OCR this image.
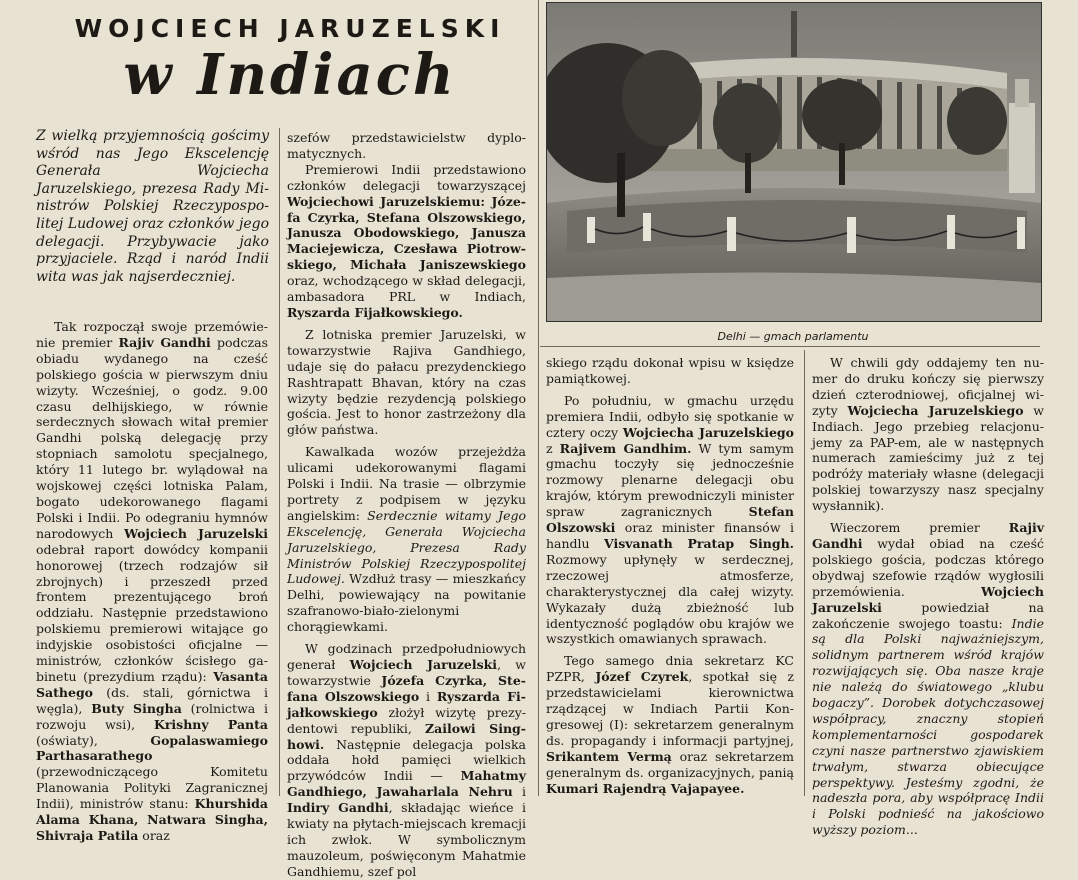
WOJCIECH JARUZELSKI
w Indiach
Z wielką przyjemnością gościmy wśród nas Jego Ekscelencję Generała Wojciecha Jaruzelskiego, prezesa Rady Ministrów Polskiej Rzeczypospolitej Ludowej oraz członków jego delegacji. Przybywacie jako przyjaciele. Rząd i naród Indii wita was jak najserdeczniej.
Delhi — gmach parlamentu

Tak rozpoczął swoje przemówienie premier Rajiv Gandhi podczas obiadu wydanego na cześć polskiego gościa w pierwszym dniu wizyty. Wcześniej, o godz. 9.00 czasu delhijskiego, w równie serdecznych słowach witał premier Gandhi polską delegację przy stopniach samolotu specjalnego, który 11 lutego br. wylądował na wojskowej części lotniska Palam, bogato udekorowanego flagami Polski i Indii. Po odegraniu hymnów narodowych Wojciech Jaruzelski odebrał raport dowódcy kompanii honorowej (trzech rodzajów sił zbrojnych) i przeszedł przed frontem prezentującego broń oddziału. Następnie przedstawiono polskiemu premierowi witające go indyjskie osobistości oficjalne — ministrów, członków ścisłego gabinetu (prezydium rządu): Vasanta Sathego (ds. stali, górnictwa i węgla), Buty Singha (rolnictwa i rozwoju wsi), Krishny Panta (oświaty), Gopalaswamiego Parthasarathego (przewodniczącego Komitetu Planowania Polityki Zagranicznej Indii), ministrów stanu: Khurshida Alama Khana, Natwara Singha, Shivraja Patila oraz

szefów przedstawicielstw dyplomatycznych.

Premierowi Indii przedstawiono członków delegacji towarzyszącej Wojciechowi Jaruzelskiemu: Józefa Czyrka, Stefana Olszowskiego, Janusza Obodowskiego, Janusza Maciejewicza, Czesława Piotrowskiego, Michała Janiszewskiego oraz, wchodzącego w skład delegacji, ambasadora PRL w Indiach, Ryszarda Fijałkowskiego.

Z lotniska premier Jaruzelski, w towarzystwie Rajiva Gandhiego, udaje się do pałacu prezydenckiego Rashtrapatt Bhavan, który na czas wizyty będzie rezydencją polskiego gościa. Jest to honor zastrzeżony dla głów państwa.

Kawalkada wozów przejeżdża ulicami udekorowanymi flagami Polski i Indii. Na trasie — olbrzymie portrety z podpisem w języku angielskim: Serdecznie witamy Jego Ekscelencję, Generała Wojciecha Jaruzelskiego, Prezesa Rady Ministrów Polskiej Rzeczypospolitej Ludowej. Wzdłuż trasy — mieszkańcy Delhi, powiewający na powitanie szafranowo-biało-zielonymi chorągiewkami.

W godzinach przedpołudniowych generał Wojciech Jaruzelski, w towarzystwie Józefa Czyrka, Stefana Olszowskiego i Ryszarda Fijałkowskiego złożył wizytę prezydentowi republiki, Zailowi Singhowi. Następnie delegacja polska oddała hołd pamięci wielkich przywódców Indii — Mahatmy Gandhiego, Jawaharlala Nehru i Indiry Gandhi, składając wieńce i kwiaty na płytach-miejscach kremacji ich zwłok. W symbolicznym mauzoleum, poświęconym Mahatmie Gandhiemu, szef pol

skiego rządu dokonał wpisu w księdze pamiątkowej.

Po południu, w gmachu urzędu premiera Indii, odbyło się spotkanie w cztery oczy Wojciecha Jaruzelskiego z Rajivem Gandhim. W tym samym gmachu toczyły się jednocześnie rozmowy plenarne delegacji obu krajów, którym prewodniczyli minister spraw zagranicznych Stefan Olszowski oraz minister finansów i handlu Visvanath Pratap Singh. Rozmowy upłynęły w serdecznej, rzeczowej atmosferze, charakterystycznej dla całej wizyty. Wykazały dużą zbieżność lub identyczność poglądów obu krajów we wszystkich omawianych sprawach.

Tego samego dnia sekretarz KC PZPR, Józef Czyrek, spotkał się z przedstawicielami kierownictwa rządzącej w Indiach Partii Kongresowej (I): sekretarzem generalnym ds. propagandy i informacji partyjnej, Srikantem Vermą oraz sekretarzem generalnym ds. organizacyjnych, panią Kumari Rajendrą Vajapayee.

W chwili gdy oddajemy ten numer do druku kończy się pierwszy dzień czterodniowej, oficjalnej wizyty Wojciecha Jaruzelskiego w Indiach. Jego przebieg relacjonujemy za PAP-em, ale w następnych numerach zamieścimy już z tej podróży materiały własne (delegacji polskiej towarzyszy nasz specjalny wysłannik).

Wieczorem premier Rajiv Gandhi wydał obiad na cześć polskiego gościa, podczas którego obydwaj szefowie rządów wygłosili przemówienia. Wojciech Jaruzelski powiedział na zakończenie swojego toastu: Indie są dla Polski najważniejszym, solidnym partnerem wśród krajów rozwijających się. Oba nasze kraje nie należą do światowego „klubu bogaczy”. Dorobek dotychczasowej współpracy, znaczny stopień komplementarności gospodarek czyni nasze partnerstwo zjawiskiem trwałym, stwarza obiecujące perspektywy. Jesteśmy zgodni, że nadeszła pora, aby współpracę Indii i Polski podnieść na jakościowo wyższy poziom...
